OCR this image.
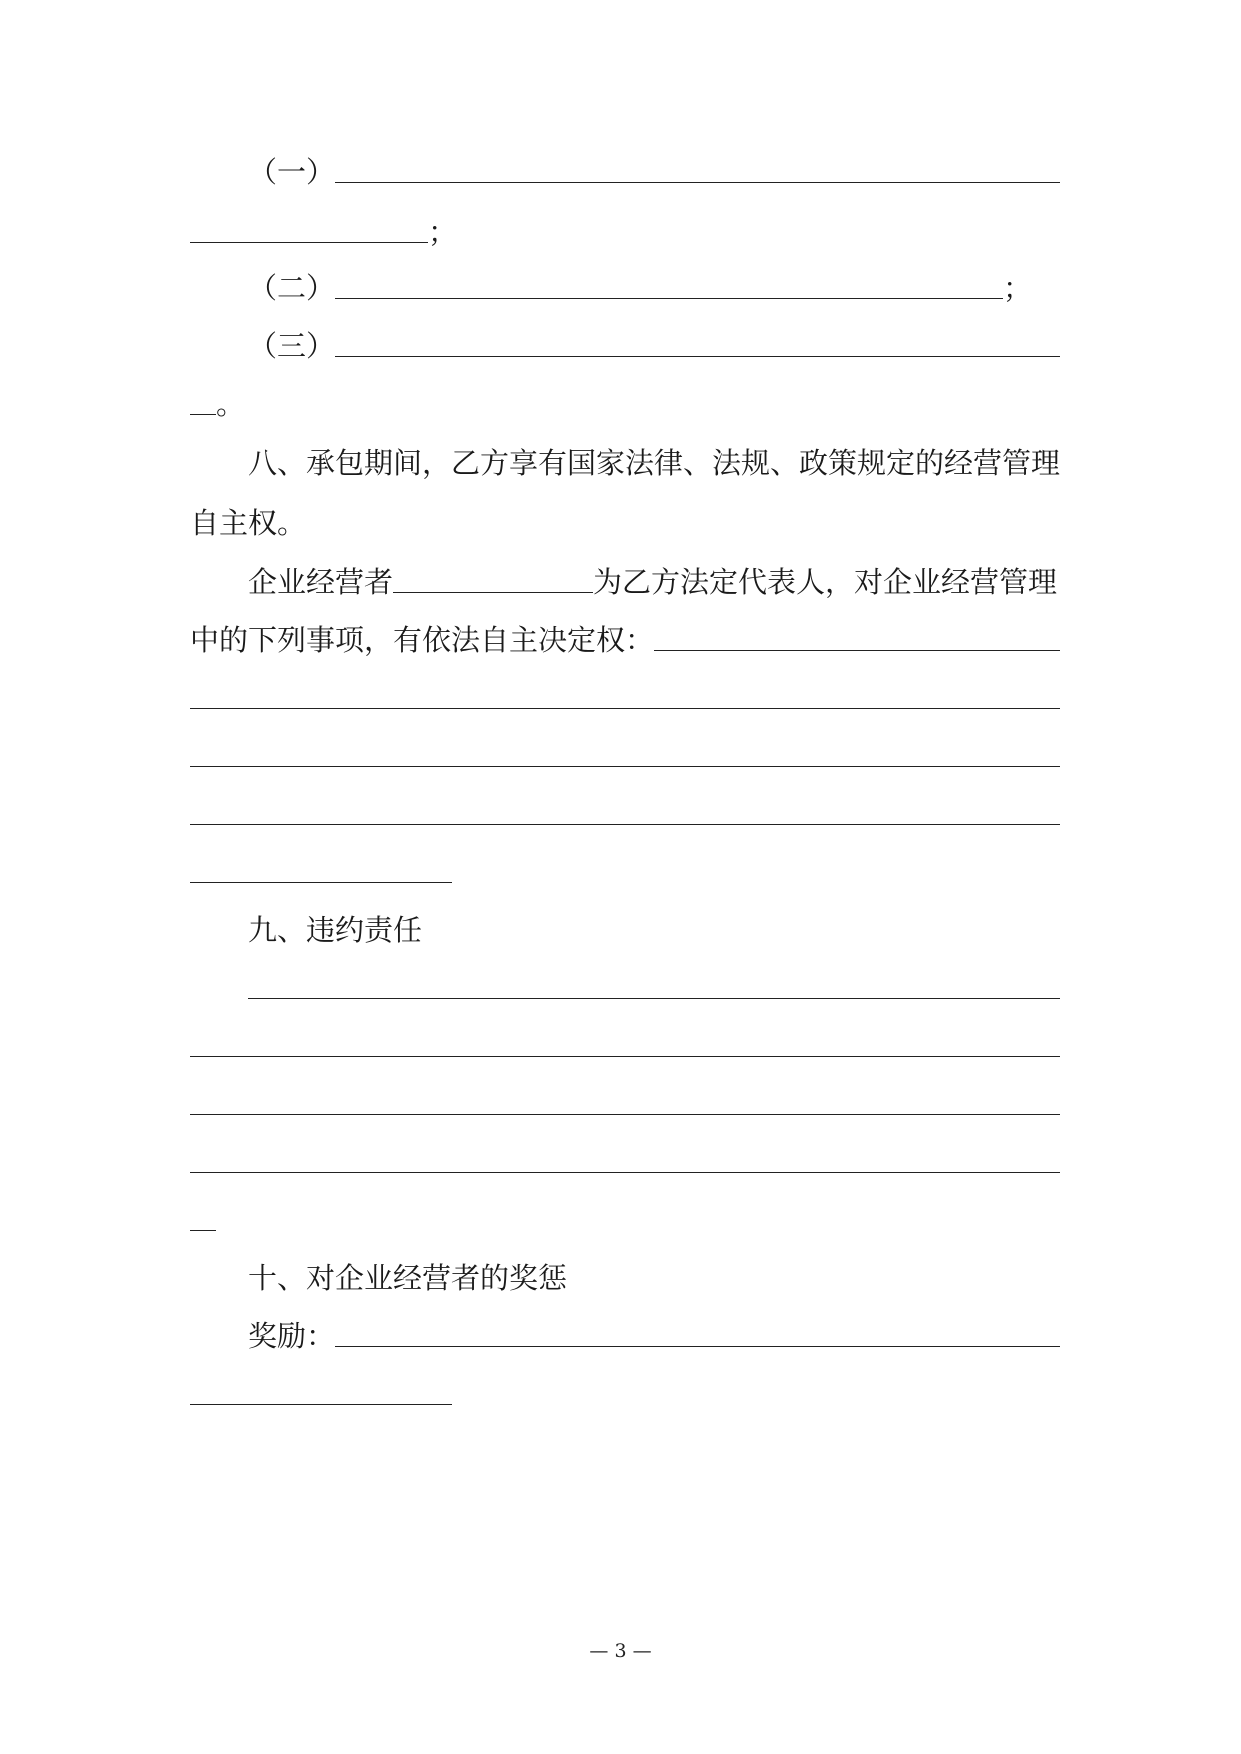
（一）
；
（二）	；
（三）
。
八、承包期间，乙方享有国家法律、法规、政策规定的经营管理
自主权。
企业经营者	为乙方法定代表人，对企业经营管理
中的下列事项，有依法自主决定权：
九、违约责任
十、对企业经营者的奖惩
奖励：
— 3 —
